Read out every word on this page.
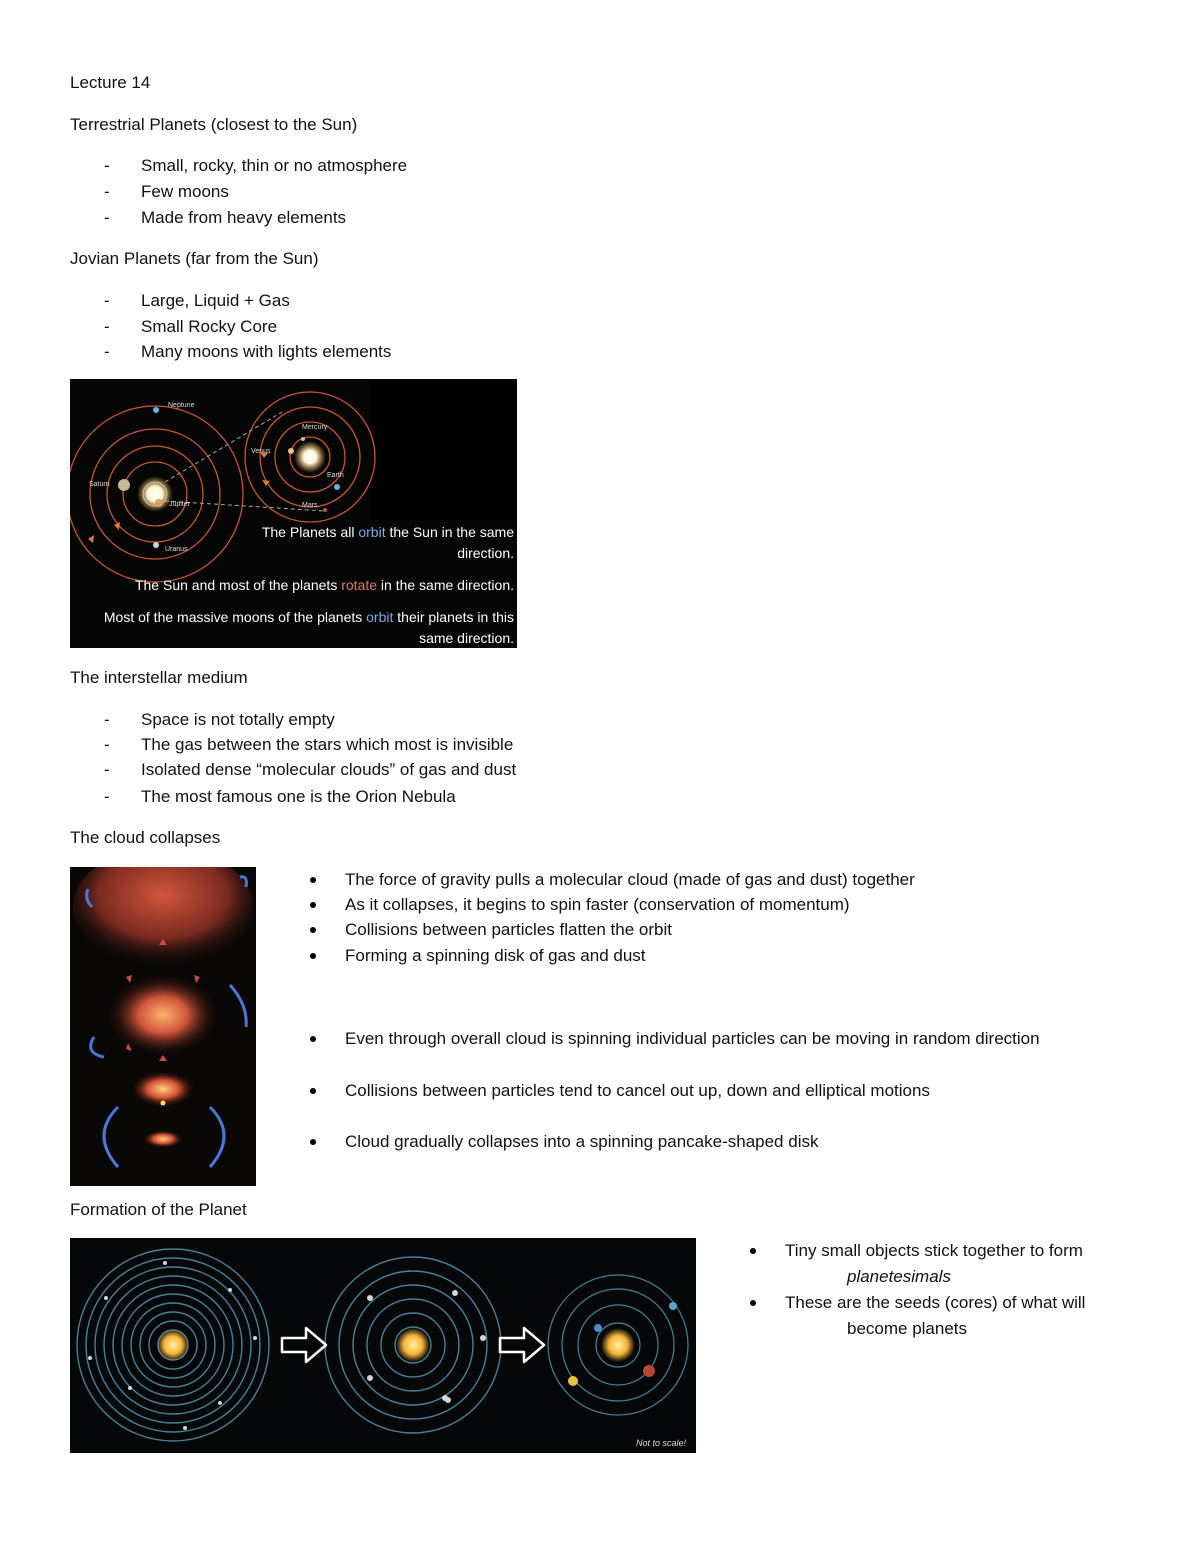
Lecture 14
Terrestrial Planets (closest to the Sun)
- Small, rocky, thin or no atmosphere
- Few moons
- Made from heavy elements
Jovian Planets (far from the Sun)
- Large, Liquid + Gas
- Small Rocky Core
- Many moons with lights elements
Neptune
Saturn
Jupiter
Uranus
Mercury
Venus
Earth
Mars
The Planets all orbit the Sun in the same
direction.
The Sun and most of the planets rotate in the same direction.
Most of the massive moons of the planets orbit their planets in this
same direction.
The interstellar medium
- Space is not totally empty
- The gas between the stars which most is invisible
- Isolated dense “molecular clouds” of gas and dust
- The most famous one is the Orion Nebula
The cloud collapses
The force of gravity pulls a molecular cloud (made of gas and dust) together
As it collapses, it begins to spin faster (conservation of momentum)
Collisions between particles flatten the orbit
Forming a spinning disk of gas and dust
Even through overall cloud is spinning individual particles can be moving in random direction
Collisions between particles tend to cancel out up, down and elliptical motions
Cloud gradually collapses into a spinning pancake-shaped disk
Formation of the Planet
Not to scale!
Tiny small objects stick together to form
planetesimals
These are the seeds (cores) of what will
become planets
